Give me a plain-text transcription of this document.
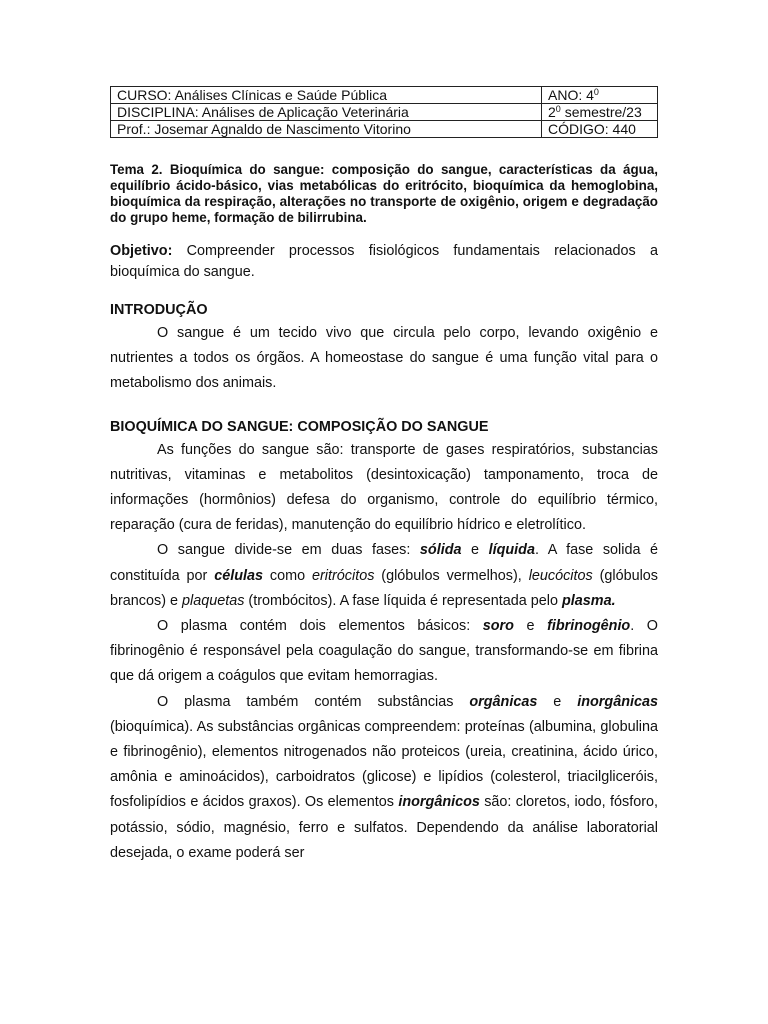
CURSO: Análises Clínicas e Saúde Pública	ANO: $4^0$
DISCIPLINA: Análises de Aplicação Veterinária	$2^0$ semestre/23
Prof.: Josemar Agnaldo de Nascimento Vitorino	CÓDIGO: 440
Tema 2. Bioquímica do sangue: composição do sangue, características da água, equilíbrio ácido-básico, vias metabólicas do eritrócito, bioquímica da hemoglobina, bioquímica da respiração, alterações no transporte de oxigênio, origem e degradação do grupo heme, formação de bilirrubina.
Objetivo: Compreender processos fisiológicos fundamentais relacionados a bioquímica do sangue.
INTRODUÇÃO

O sangue é um tecido vivo que circula pelo corpo, levando oxigênio e nutrientes a todos os órgãos. A homeostase do sangue é uma função vital para o metabolismo dos animais.

BIOQUÍMICA DO SANGUE: COMPOSIÇÃO DO SANGUE

As funções do sangue são: transporte de gases respiratórios, substancias nutritivas, vitaminas e metabolitos (desintoxicação) tamponamento, troca de informações (hormônios) defesa do organismo, controle do equilíbrio térmico, reparação (cura de feridas), manutenção do equilíbrio hídrico e eletrolítico.

O sangue divide-se em duas fases: sólida e líquida. A fase solida é constituída por células como eritrócitos (glóbulos vermelhos), leucócitos (glóbulos brancos) e plaquetas (trombócitos). A fase líquida é representada pelo plasma.

O plasma contém dois elementos básicos: soro e fibrinogênio. O fibrinogênio é responsável pela coagulação do sangue, transformando-se em fibrina que dá origem a coágulos que evitam hemorragias.

O plasma também contém substâncias orgânicas e inorgânicas (bioquímica). As substâncias orgânicas compreendem: proteínas (albumina, globulina e fibrinogênio), elementos nitrogenados não proteicos (ureia, creatinina, ácido úrico, amônia e aminoácidos), carboidratos (glicose) e lipídios (colesterol, triacilgliceróis, fosfolipídios e ácidos graxos). Os elementos inorgânicos são: cloretos, iodo, fósforo, potássio, sódio, magnésio, ferro e sulfatos. Dependendo da análise laboratorial desejada, o exame poderá ser
